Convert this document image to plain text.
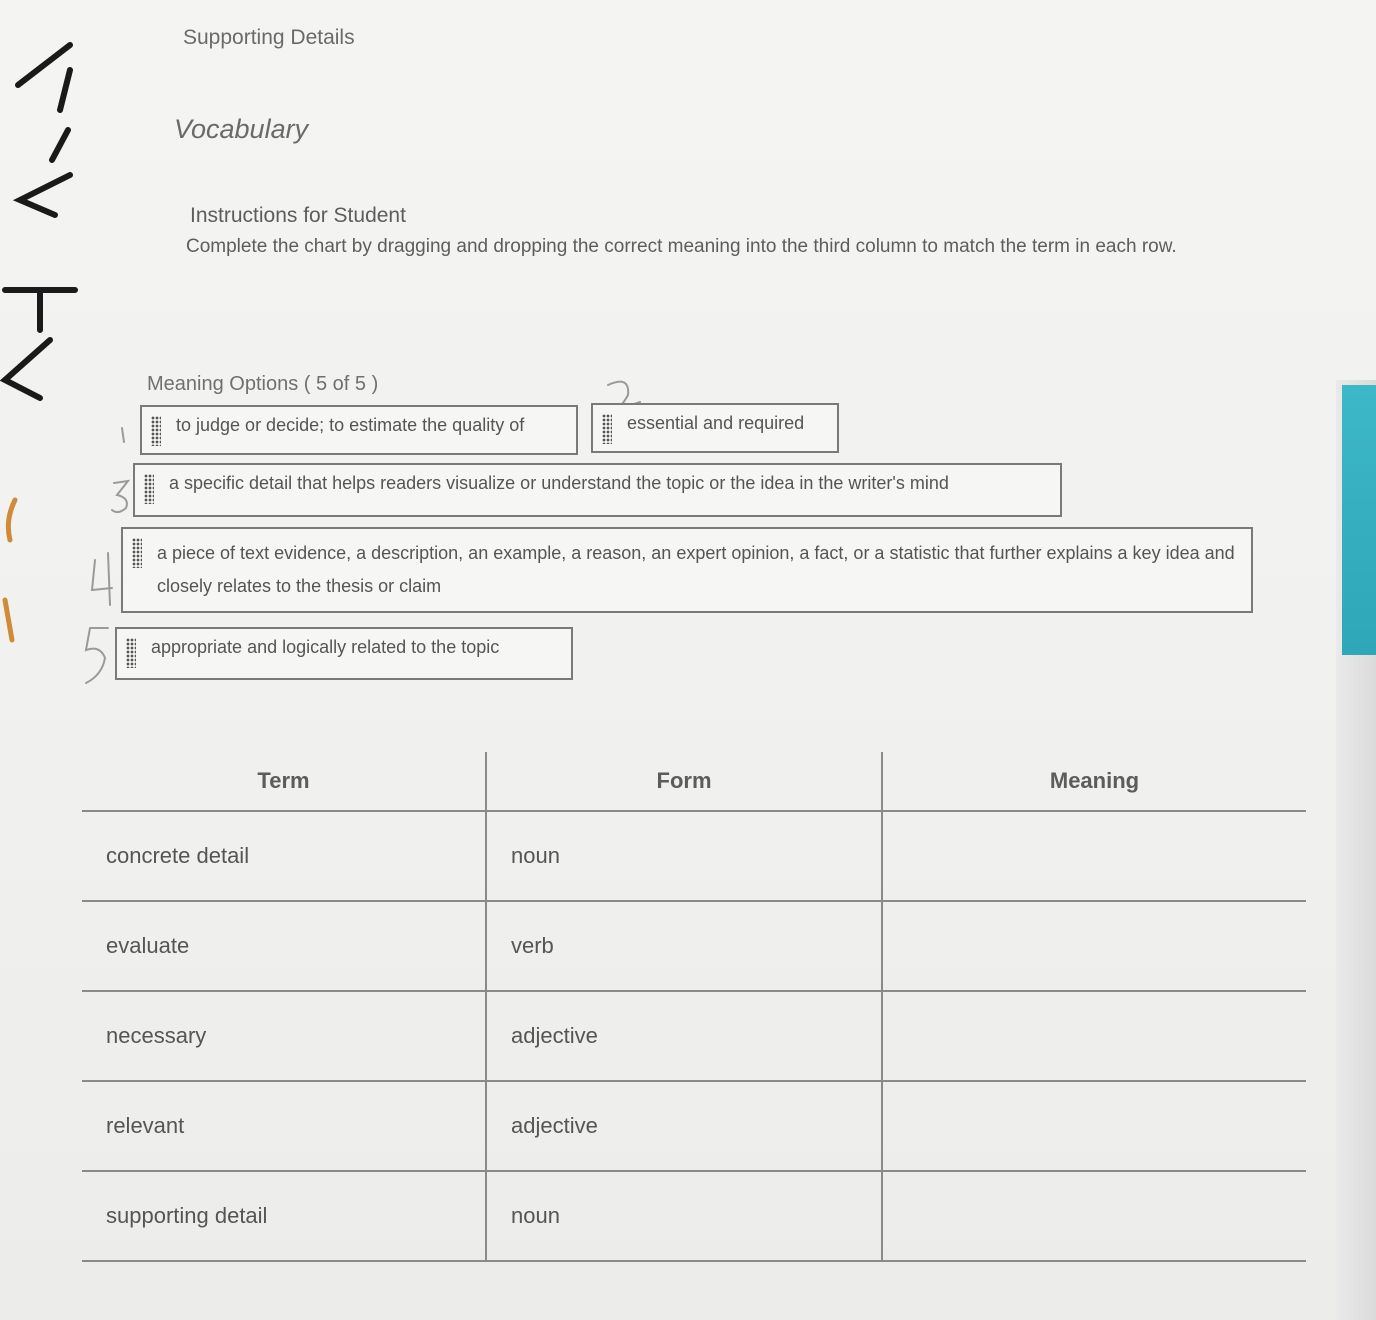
Supporting Details
Vocabulary
Instructions for Student
Complete the chart by dragging and dropping the correct meaning into the third column to match the term in each row.
Meaning Options ( 5 of 5 )
to judge or decide; to estimate the quality of	essential and required
a specific detail that helps readers visualize or understand the topic or the idea in the writer's mind
a piece of text evidence, a description, an example, a reason, an expert opinion, a fact, or a statistic that further explains a key idea and closely relates to the thesis or claim
appropriate and logically related to the topic
Term	Form	Meaning
concrete detail	noun	
evaluate	verb	
necessary	adjective	
relevant	adjective	
supporting detail	noun	
